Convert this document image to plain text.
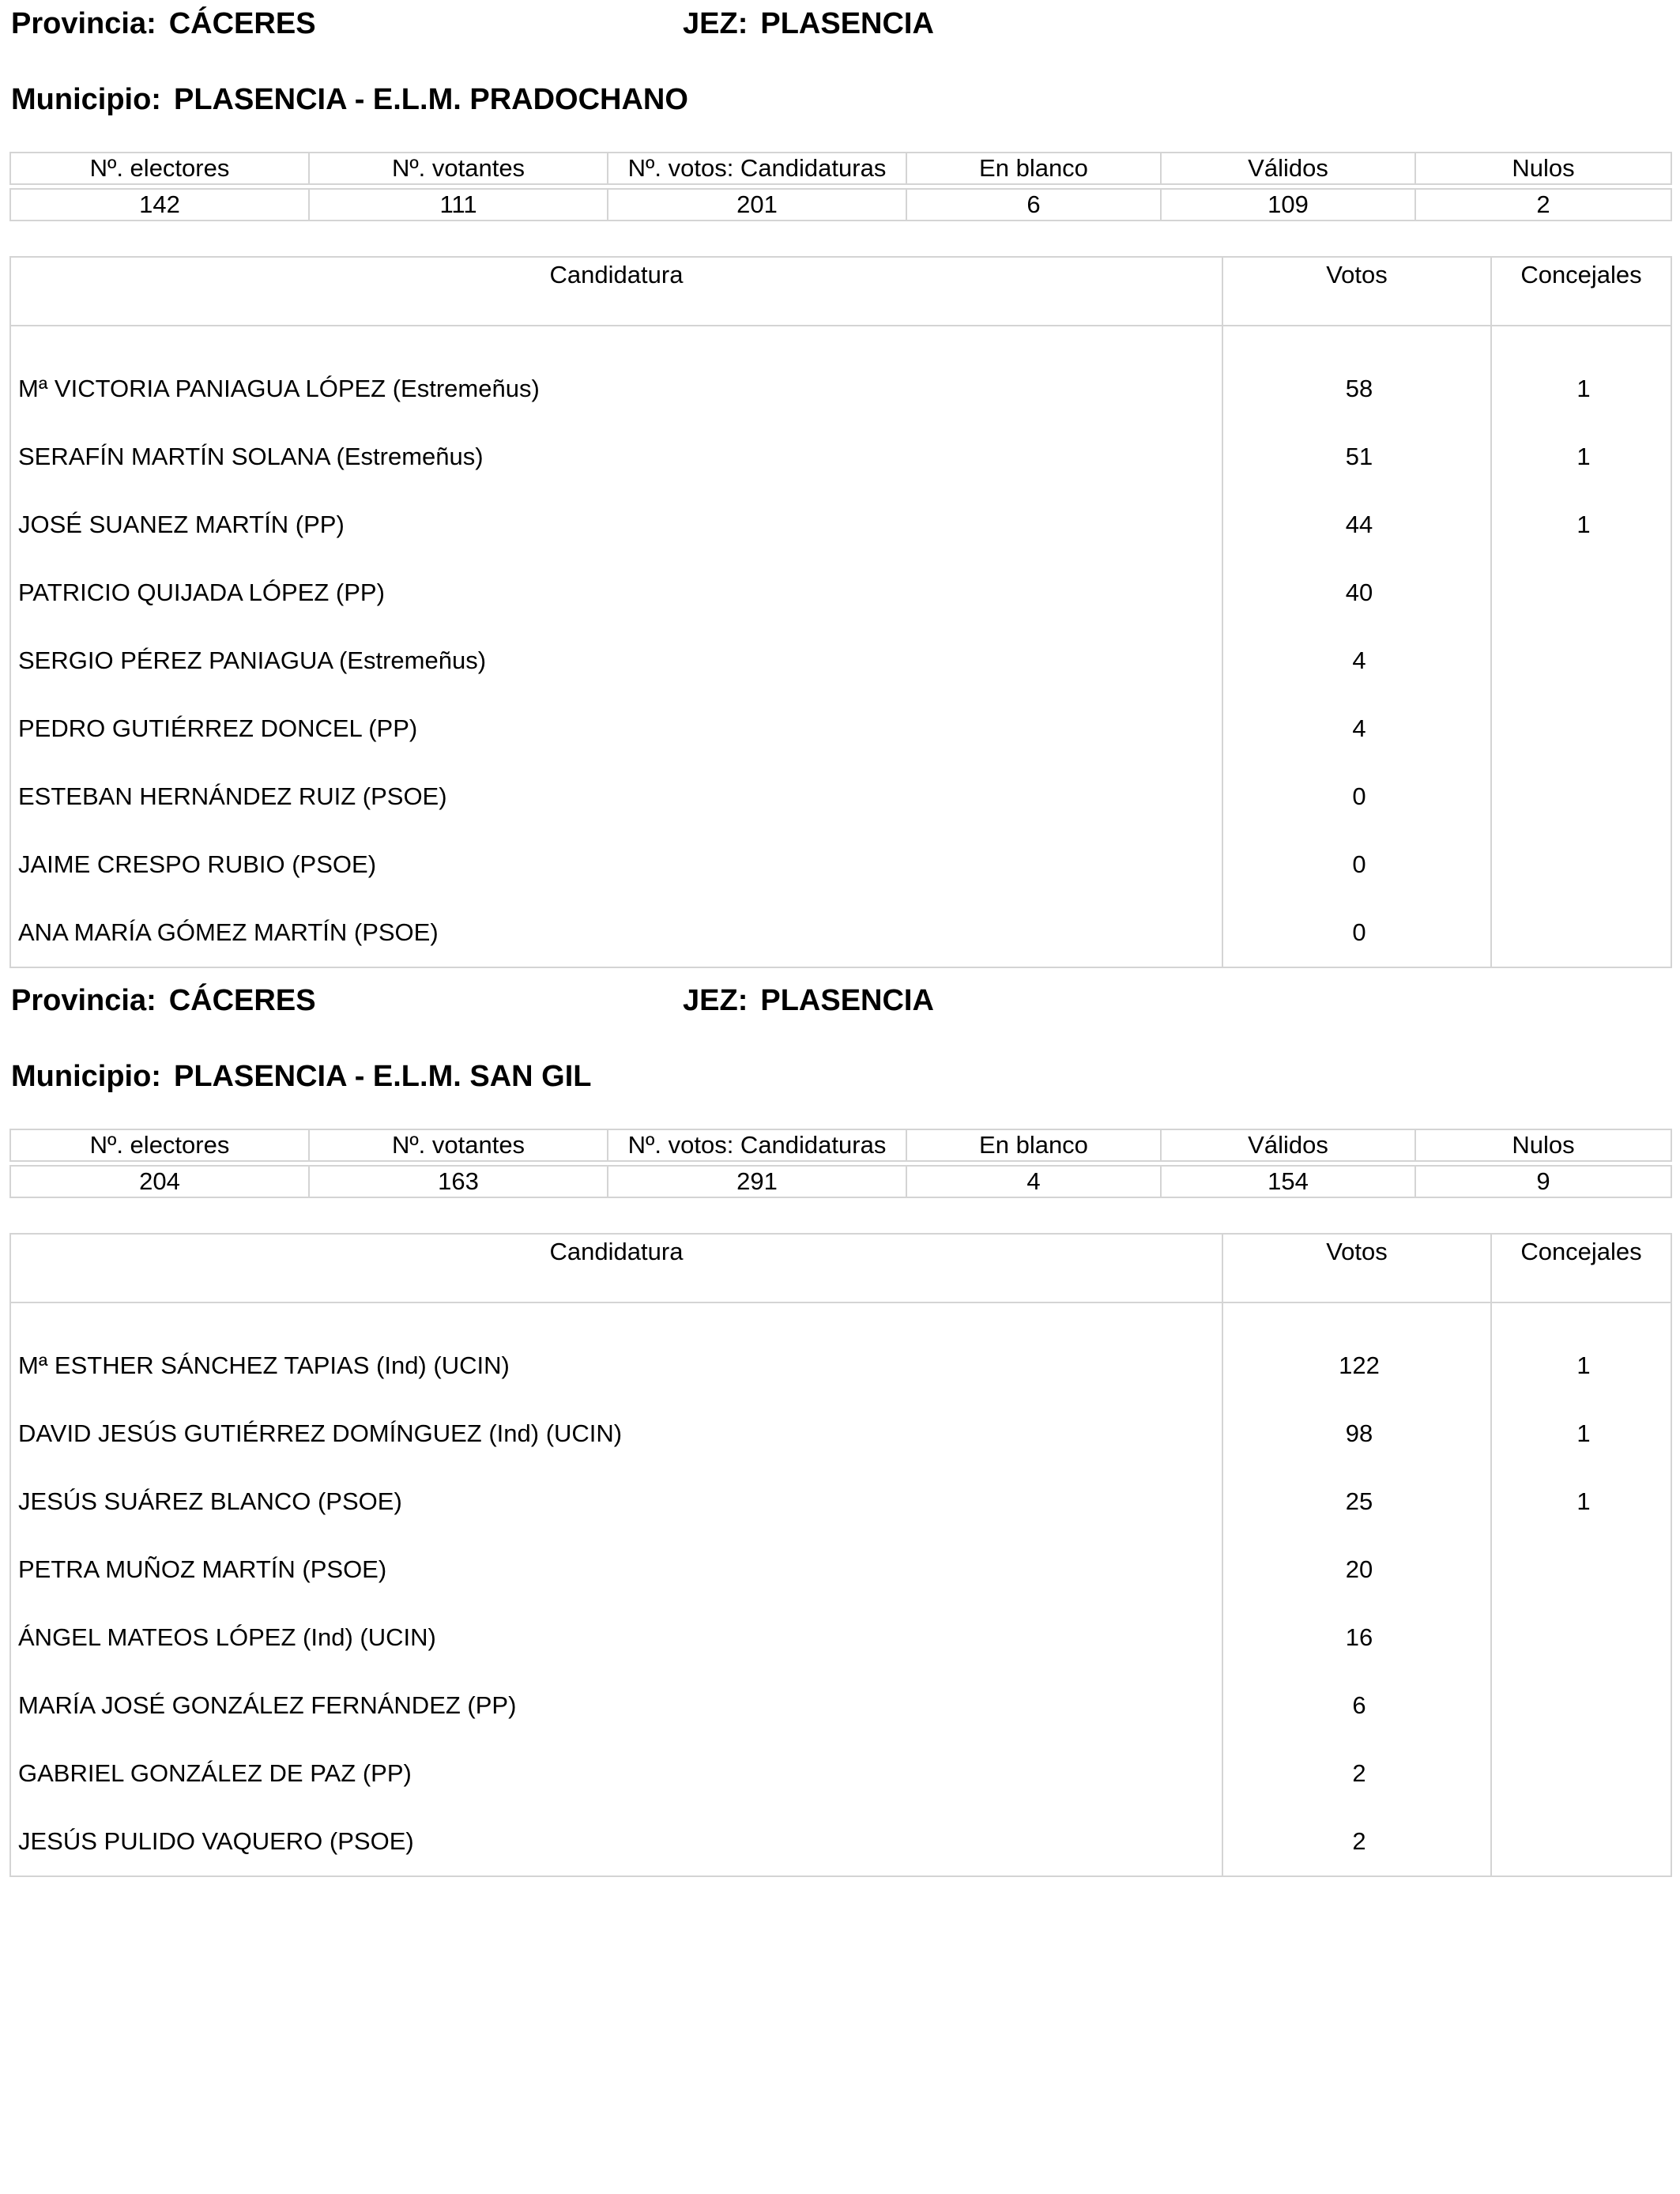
Provincia: CÁCERES	JEZ: PLASENCIA
Municipio: PLASENCIA - E.L.M. PRADOCHANO
Nº. electores	Nº. votantes	Nº. votos: Candidaturas	En blanco	Válidos	Nulos

142	111	201	6	109	2
Candidatura	Votos	Concejales
Mª VICTORIA PANIAGUA LÓPEZ (Estremeñus)	58	1
SERAFÍN MARTÍN SOLANA (Estremeñus)	51	1
JOSÉ SUANEZ MARTÍN (PP)	44	1
PATRICIO QUIJADA LÓPEZ (PP)	40	
SERGIO PÉREZ PANIAGUA (Estremeñus)	4	
PEDRO GUTIÉRREZ DONCEL (PP)	4	
ESTEBAN HERNÁNDEZ RUIZ (PSOE)	0	
JAIME CRESPO RUBIO (PSOE)	0	
ANA MARÍA GÓMEZ MARTÍN (PSOE)	0	
Provincia: CÁCERES	JEZ: PLASENCIA
Municipio: PLASENCIA - E.L.M. SAN GIL
Nº. electores	Nº. votantes	Nº. votos: Candidaturas	En blanco	Válidos	Nulos

204	163	291	4	154	9
Candidatura	Votos	Concejales
Mª ESTHER SÁNCHEZ TAPIAS (Ind) (UCIN)	122	1
DAVID JESÚS GUTIÉRREZ DOMÍNGUEZ (Ind) (UCIN)	98	1
JESÚS SUÁREZ BLANCO (PSOE)	25	1
PETRA MUÑOZ MARTÍN (PSOE)	20	
ÁNGEL MATEOS LÓPEZ (Ind) (UCIN)	16	
MARÍA JOSÉ GONZÁLEZ FERNÁNDEZ (PP)	6	
GABRIEL GONZÁLEZ DE PAZ (PP)	2	
JESÚS PULIDO VAQUERO (PSOE)	2	
